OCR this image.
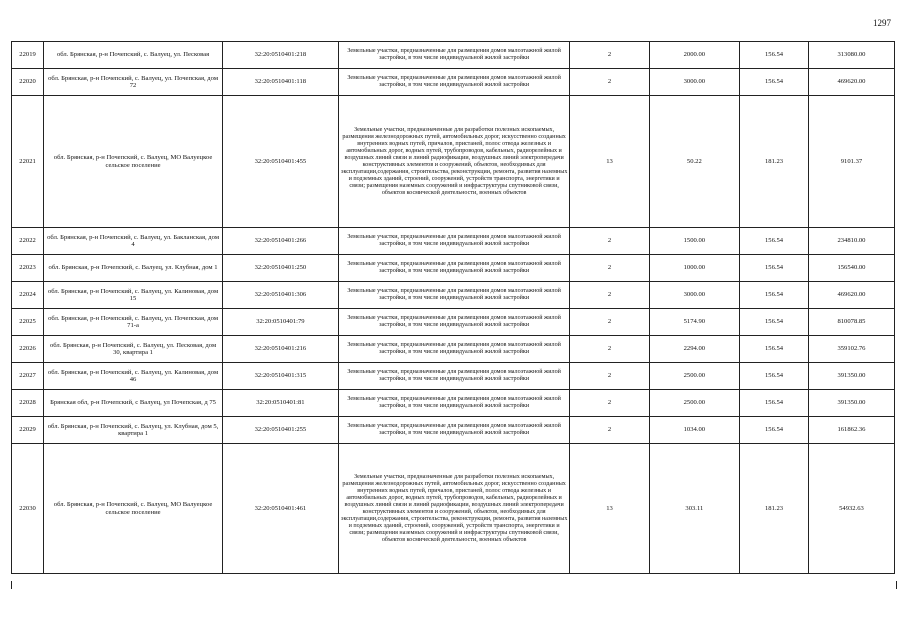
1297
22019	обл. Брянская, р-н Почепский, с. Валуец, ул. Песковая	32:20:0510401:218	Земельные участки, предназначенные для размещения домов малоэтажной жилой застройки, в том числе индивидуальной жилой застройки	2	2000.00	156.54	313080.00
22020	обл. Брянская, р-н Почепский, с. Валуец, ул. Почепская, дом 72	32:20:0510401:118	Земельные участки, предназначенные для размещения домов малоэтажной жилой застройки, в том числе индивидуальной жилой застройки	2	3000.00	156.54	469620.00
22021	обл. Брянская, р-н Почепский, с. Валуец, МО Валуецкое сельское поселение	32:20:0510401:455	Земельные участки, предназначенные для разработки полезных ископаемых, размещения железнодорожных путей, автомобильных дорог, искусственно созданных внутренних водных путей, причалов, пристаней, полос отвода железных и автомобильных дорог, водных путей, трубопроводов, кабельных, радиорелейных и воздушных линий связи и линий радиофикации, воздушных линий электропередачи конструктивных элементов и сооружений, объектов, необходимых для эксплуатации,содержания, строительства, реконструкции, ремонта, развития наземных и подземных зданий, строений, сооружений, устройств транспорта, энергетики и связи; размещения наземных сооружений и инфраструктуры спутниковой связи, объектов космической деятельности, военных объектов	13	50.22	181.23	9101.37
22022	обл. Брянская, р-н Почепский, с. Валуец, ул. Бакланская, дом 4	32:20:0510401:266	Земельные участки, предназначенные для размещения домов малоэтажной жилой застройки, в том числе индивидуальной жилой застройки	2	1500.00	156.54	234810.00
22023	обл. Брянская, р-н Почепский, с. Валуец, ул. Клубная, дом 1	32:20:0510401:250	Земельные участки, предназначенные для размещения домов малоэтажной жилой застройки, в том числе индивидуальной жилой застройки	2	1000.00	156.54	156540.00
22024	обл. Брянская, р-н Почепский, с. Валуец, ул. Калиновая, дом 15	32:20:0510401:306	Земельные участки, предназначенные для размещения домов малоэтажной жилой застройки, в том числе индивидуальной жилой застройки	2	3000.00	156.54	469620.00
22025	обл. Брянская, р-н Почепский, с. Валуец, ул. Почепская, дом 71-а	32:20:0510401:79	Земельные участки, предназначенные для размещения домов малоэтажной жилой застройки, в том числе индивидуальной жилой застройки	2	5174.90	156.54	810078.85
22026	обл. Брянская, р-н Почепский, с. Валуец, ул. Песковая, дом 30, квартира 1	32:20:0510401:216	Земельные участки, предназначенные для размещения домов малоэтажной жилой застройки, в том числе индивидуальной жилой застройки	2	2294.00	156.54	359102.76
22027	обл. Брянская, р-н Почепский, с. Валуец, ул. Калиновая, дом 46	32:20:0510401:315	Земельные участки, предназначенные для размещения домов малоэтажной жилой застройки, в том числе индивидуальной жилой застройки	2	2500.00	156.54	391350.00
22028	Брянская обл, р-н Почепский, с Валуец, ул Почепская, д 75	32:20:0510401:81	Земельные участки, предназначенные для размещения домов малоэтажной жилой застройки, в том числе индивидуальной жилой застройки	2	2500.00	156.54	391350.00
22029	обл. Брянская, р-н Почепский, с. Валуец, ул. Клубная, дом 5, квартира 1	32:20:0510401:255	Земельные участки, предназначенные для размещения домов малоэтажной жилой застройки, в том числе индивидуальной жилой застройки	2	1034.00	156.54	161862.36
22030	обл. Брянская, р-н Почепский, с. Валуец, МО Валуецкое сельское поселение	32:20:0510401:461	Земельные участки, предназначенные для разработки полезных ископаемых, размещения железнодорожных путей, автомобильных дорог, искусственно созданных внутренних водных путей, причалов, пристаней, полос отвода железных и автомобильных дорог, водных путей, трубопроводов, кабельных, радиорелейных и воздушных линий связи и линий радиофикации, воздушных линий электропередачи конструктивных элементов и сооружений, объектов, необходимых для эксплуатации,содержания, строительства, реконструкции, ремонта, развития наземных и подземных зданий, строений, сооружений, устройств транспорта, энергетики и связи; размещения наземных сооружений и инфраструктуры спутниковой связи, объектов космической деятельности, военных объектов	13	303.11	181.23	54932.63
